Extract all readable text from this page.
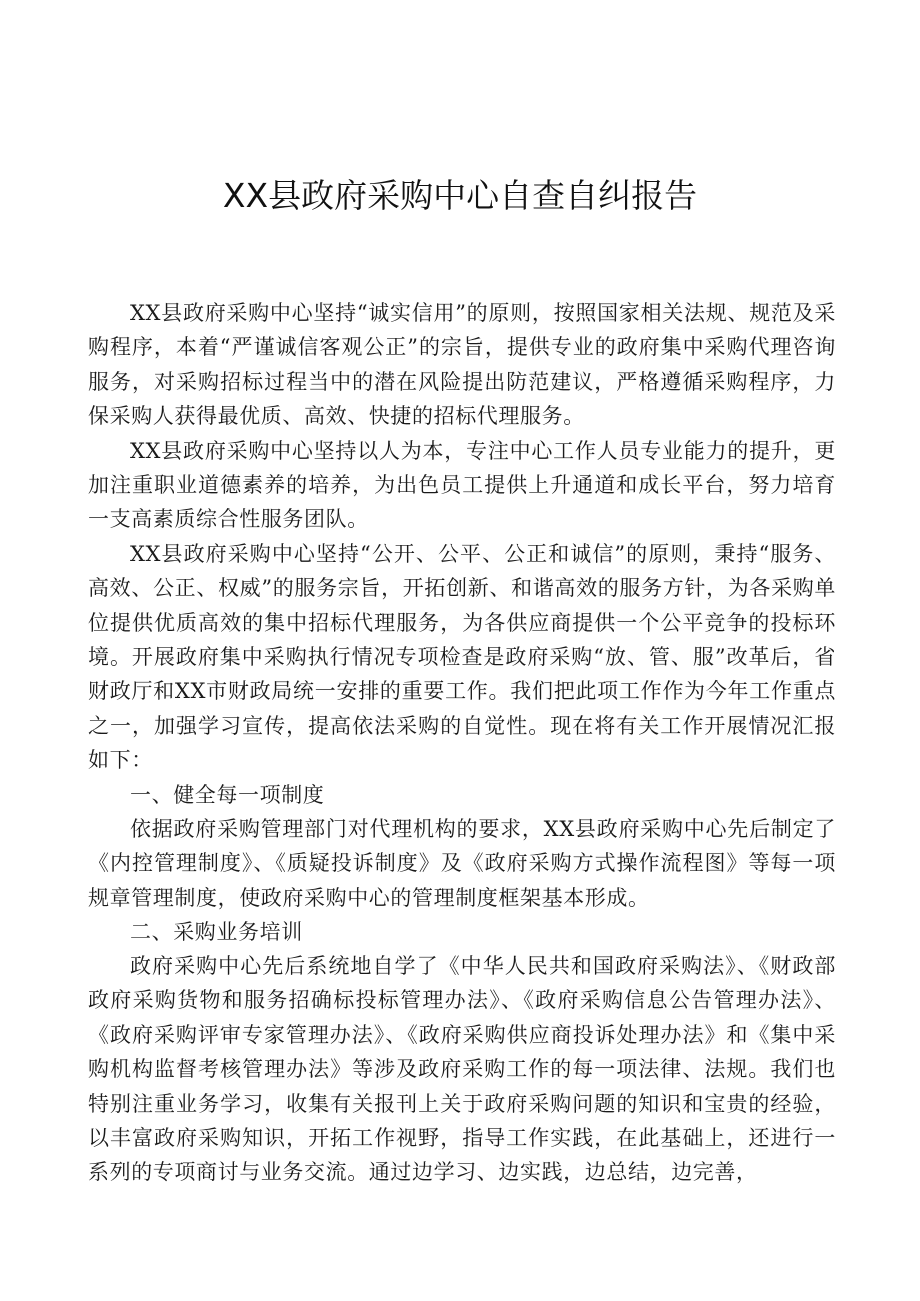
XX县政府采购中心自查自纠报告

XX县政府采购中心坚持“诚实信用”的原则，按照国家相关法规、规范及采购程序，本着“严谨诚信客观公正”的宗旨，提供专业的政府集中采购代理咨询服务，对采购招标过程当中的潜在风险提出防范建议，严格遵循采购程序，力保采购人获得最优质、高效、快捷的招标代理服务。

XX县政府采购中心坚持以人为本，专注中心工作人员专业能力的提升，更加注重职业道德素养的培养，为出色员工提供上升通道和成长平台，努力培育一支高素质综合性服务团队。

XX县政府采购中心坚持“公开、公平、公正和诚信”的原则，秉持“服务、高效、公正、权威”的服务宗旨，开拓创新、和谐高效的服务方针，为各采购单位提供优质高效的集中招标代理服务，为各供应商提供一个公平竞争的投标环境。开展政府集中采购执行情况专项检查是政府采购“放、管、服”改革后，省财政厅和XX市财政局统一安排的重要工作。我们把此项工作作为今年工作重点之一，加强学习宣传，提高依法采购的自觉性。现在将有关工作开展情况汇报如下：

一、健全每一项制度

依据政府采购管理部门对代理机构的要求，XX县政府采购中心先后制定了《内控管理制度》、《质疑投诉制度》及《政府采购方式操作流程图》等每一项规章管理制度，使政府采购中心的管理制度框架基本形成。

二、采购业务培训

政府采购中心先后系统地自学了《中华人民共和国政府采购法》、《财政部政府采购货物和服务招确标投标管理办法》、《政府采购信息公告管理办法》、《政府采购评审专家管理办法》、《政府采购供应商投诉处理办法》和《集中采购机构监督考核管理办法》等涉及政府采购工作的每一项法律、法规。我们也特别注重业务学习，收集有关报刊上关于政府采购问题的知识和宝贵的经验，以丰富政府采购知识，开拓工作视野，指导工作实践，在此基础上，还进行一系列的专项商讨与业务交流。通过边学习、边实践，边总结，边完善，
